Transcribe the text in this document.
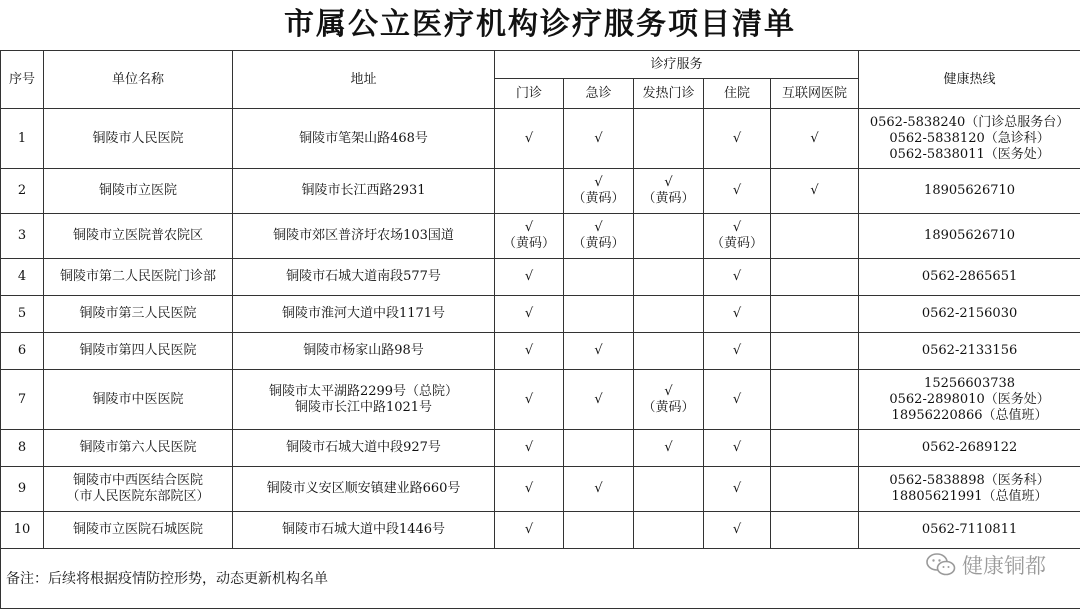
市属公立医疗机构诊疗服务项目清单
序号	单位名称	地址	诊疗服务					健康热线
			门诊	急诊	发热门诊	住院	互联网医院	
1	铜陵市人民医院	铜陵市笔架山路468号	√	√		√	√	0562-5838240（门诊总服务台）
0562-5838120（急诊科）
0562-5838011（医务处）

2	铜陵市立医院	铜陵市长江西路2931		√
（黄码）	√
（黄码）	√	√	18905626710

3	铜陵市立医院普农院区	铜陵市郊区普济圩农场103国道	√
（黄码）	√
（黄码）		√
（黄码）		18905626710

4	铜陵市第二人民医院门诊部	铜陵市石城大道南段577号	√			√		0562-2865651

5	铜陵市第三人民医院	铜陵市淮河大道中段1171号	√			√		0562-2156030

6	铜陵市第四人民医院	铜陵市杨家山路98号	√	√		√		0562-2133156

7	铜陵市中医医院	铜陵市太平湖路2299号（总院）
铜陵市长江中路1021号	√	√	√
（黄码）	√		15256603738
0562-2898010（医务处）
18956220866（总值班）

8	铜陵市第六人民医院	铜陵市石城大道中段927号	√		√	√		0562-2689122

9	铜陵市中西医结合医院
（市人民医院东部院区）	铜陵市义安区顺安镇建业路660号	√	√		√		0562-5838898（医务科）
18805621991（总值班）

10	铜陵市立医院石城医院	铜陵市石城大道中段1446号	√			√		0562-7110811

备注：后续将根据疫情防控形势，动态更新机构名单								
健康铜都
